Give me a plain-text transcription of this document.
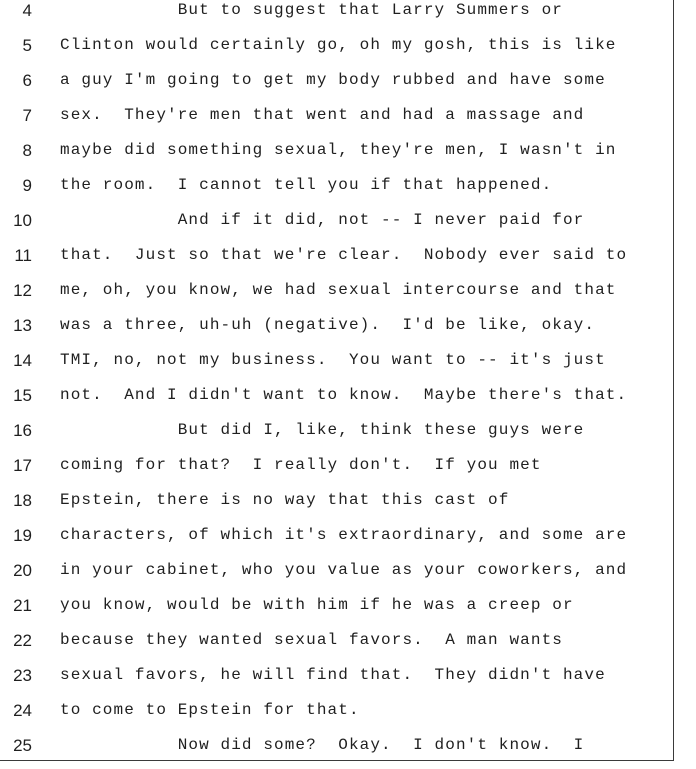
4 But to suggest that Larry Summers or
5 Clinton would certainly go, oh my gosh, this is like
6 a guy I'm going to get my body rubbed and have some
7 sex.  They're men that went and had a massage and
8 maybe did something sexual, they're men, I wasn't in
9 the room.  I cannot tell you if that happened.
10 And if it did, not -- I never paid for
11 that.  Just so that we're clear.  Nobody ever said to
12 me, oh, you know, we had sexual intercourse and that
13 was a three, uh-uh (negative).  I'd be like, okay.
14 TMI, no, not my business.  You want to -- it's just
15 not.  And I didn't want to know.  Maybe there's that.
16 But did I, like, think these guys were
17 coming for that?  I really don't.  If you met
18 Epstein, there is no way that this cast of
19 characters, of which it's extraordinary, and some are
20 in your cabinet, who you value as your coworkers, and
21 you know, would be with him if he was a creep or
22 because they wanted sexual favors.  A man wants
23 sexual favors, he will find that.  They didn't have
24 to come to Epstein for that.
25 Now did some?  Okay.  I don't know.  I
